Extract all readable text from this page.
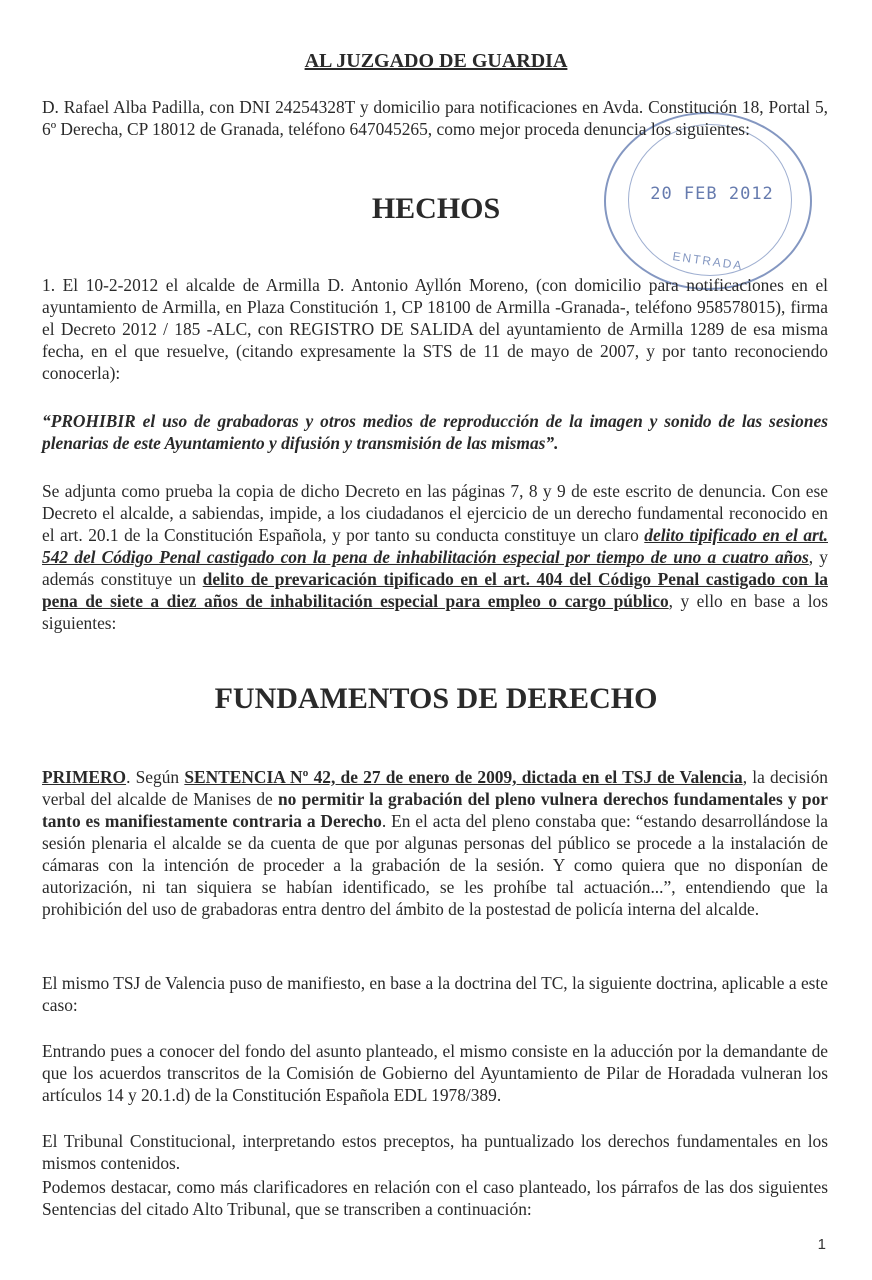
AL JUZGADO DE GUARDIA
20 FEB 2012
ENTRADA

D. Rafael Alba Padilla, con DNI 24254328T y domicilio para notificaciones en Avda. Constitución 18, Portal 5, 6º Derecha, CP 18012 de Granada, teléfono 647045265, como mejor proceda denuncia los siguientes:

HECHOS

1. El 10-2-2012 el alcalde de Armilla D. Antonio Ayllón Moreno, (con domicilio para notificaciones en el ayuntamiento de Armilla, en Plaza Constitución 1, CP 18100 de Armilla -Granada-, teléfono 958578015), firma el Decreto 2012 / 185 -ALC, con REGISTRO DE SALIDA del ayuntamiento de Armilla 1289 de esa misma fecha, en el que resuelve, (citando expresamente la STS de 11 de mayo de 2007, y por tanto reconociendo conocerla):

“PROHIBIR el uso de grabadoras y otros medios de reproducción de la imagen y sonido de las sesiones plenarias de este Ayuntamiento y difusión y transmisión de las mismas”.

Se adjunta como prueba la copia de dicho Decreto en las páginas 7, 8 y 9 de este escrito de denuncia. Con ese Decreto el alcalde, a sabiendas, impide, a los ciudadanos el ejercicio de un derecho fundamental reconocido en el art. 20.1 de la Constitución Española, y por tanto su conducta constituye un claro delito tipificado en el art. 542 del Código Penal castigado con la pena de inhabilitación especial por tiempo de uno a cuatro años, y además constituye un delito de prevaricación tipificado en el art. 404 del Código Penal castigado con la pena de siete a diez años de inhabilitación especial para empleo o cargo público, y ello en base a los siguientes:

FUNDAMENTOS DE DERECHO

PRIMERO. Según SENTENCIA Nº 42, de 27 de enero de 2009, dictada en el TSJ de Valencia, la decisión verbal del alcalde de Manises de no permitir la grabación del pleno vulnera derechos fundamentales y por tanto es manifiestamente contraria a Derecho. En el acta del pleno constaba que: “estando desarrollándose la sesión plenaria el alcalde se da cuenta de que por algunas personas del público se procede a la instalación de cámaras con la intención de proceder a la grabación de la sesión. Y como quiera que no disponían de autorización, ni tan siquiera se habían identificado, se les prohíbe tal actuación...”, entendiendo que la prohibición del uso de grabadoras entra dentro del ámbito de la postestad de policía interna del alcalde.

El mismo TSJ de Valencia puso de manifiesto, en base a la doctrina del TC, la siguiente doctrina, aplicable a este caso:

Entrando pues a conocer del fondo del asunto planteado, el mismo consiste en la aducción por la demandante de que los acuerdos transcritos de la Comisión de Gobierno del Ayuntamiento de Pilar de Horadada vulneran los artículos 14 y 20.1.d) de la Constitución Española EDL 1978/389.

El Tribunal Constitucional, interpretando estos preceptos, ha puntualizado los derechos fundamentales en los mismos contenidos.

Podemos destacar, como más clarificadores en relación con el caso planteado, los párrafos de las dos siguientes Sentencias del citado Alto Tribunal, que se transcriben a continuación:

1
